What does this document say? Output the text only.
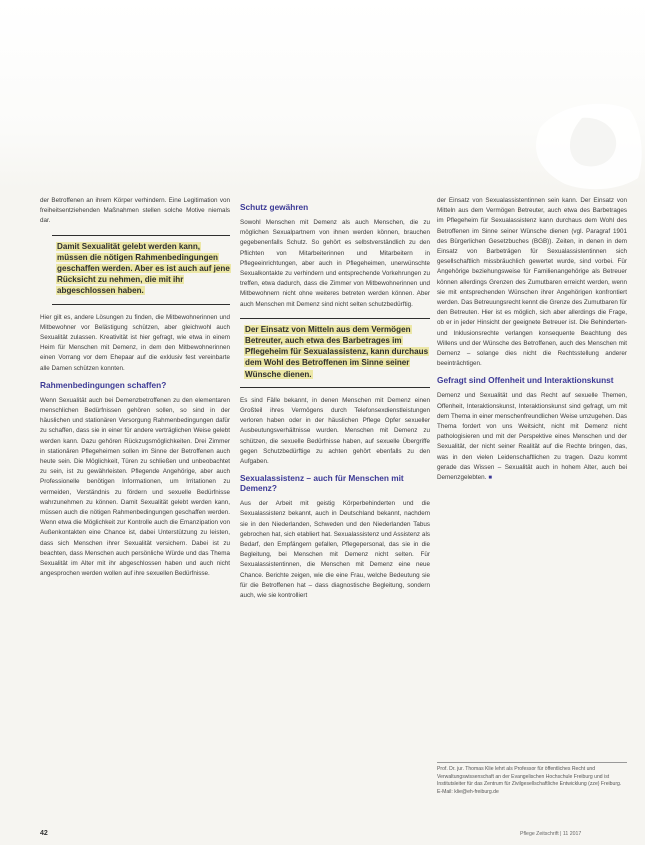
der Betroffenen an ihrem Körper verhindern. Eine Legitimation von freiheitsentziehenden Maßnahmen stellen solche Motive niemals dar.

Damit Sexualität gelebt werden kann, müssen die nötigen Rahmenbedingungen geschaffen werden. Aber es ist auch auf jene Rücksicht zu nehmen, die mit ihr abgeschlossen haben.

Hier gilt es, andere Lösungen zu finden, die Mitbewohnerinnen und Mitbewohner vor Belästigung schützen, aber gleichwohl auch Sexualität zulassen. Kreativität ist hier gefragt, wie etwa in einem Heim für Menschen mit Demenz, in dem den Mitbewohnerinnen einen Vorrang vor dem Ehepaar auf die exklusiv fest vereinbarte alle Damen schützen konnten.

Rahmenbedingungen schaffen?

Wenn Sexualität auch bei Demenzbetroffenen zu den elementaren menschlichen Bedürfnissen gehören sollen, so sind in der häuslichen und stationären Versorgung Rahmenbedingungen dafür zu schaffen, dass sie in einer für andere verträglichen Weise gelebt werden kann. Dazu gehören Rückzugsmöglichkeiten. Drei Zimmer in stationären Pflegeheimen sollen im Sinne der Betroffenen auch heute sein. Die Möglichkeit, Türen zu schließen und unbeobachtet zu sein, ist zu gewährleisten. Pflegende Angehörige, aber auch Professionelle benötigen Informationen, um Irritationen zu vermeiden, Verständnis zu fördern und sexuelle Bedürfnisse wahrzunehmen zu können. Damit Sexualität gelebt werden kann, müssen auch die nötigen Rahmenbedingungen geschaffen werden. Wenn etwa die Möglichkeit zur Kontrolle auch die Emanzipation von Außenkontakten eine Chance ist, dabei Unterstützung zu leisten, dass sich Menschen ihrer Sexualität versichern. Dabei ist zu beachten, dass Menschen auch persönliche Würde und das Thema Sexualität im Alter mit ihr abgeschlossen haben und auch nicht angesprochen werden wollen auf ihre sexuellen Bedürfnisse.

Schutz gewähren

Sowohl Menschen mit Demenz als auch Menschen, die zu möglichen Sexualpartnern von ihnen werden können, brauchen gegebenenfalls Schutz. So gehört es selbstverständlich zu den Pflichten von Mitarbeiterinnen und Mitarbeitern in Pflegeeinrichtungen, aber auch in Pflegeheimen, unerwünschte Sexualkontakte zu verhindern und entsprechende Vorkehrungen zu treffen, etwa dadurch, dass die Zimmer von Mitbewohnerinnen und Mitbewohnern nicht ohne weiteres betreten werden können. Aber auch Menschen mit Demenz sind nicht selten schutzbedürftig.

Der Einsatz von Mitteln aus dem Vermögen Betreuter, auch etwa des Barbetrages im Pflegeheim für Sexualassistenz, kann durchaus dem Wohl des Betroffenen im Sinne seiner Wünsche dienen.

Es sind Fälle bekannt, in denen Menschen mit Demenz einen Großteil ihres Vermögens durch Telefonsexdienstleistungen verloren haben oder in der häuslichen Pflege Opfer sexueller Ausbeutungsverhältnisse wurden. Menschen mit Demenz zu schützen, die sexuelle Bedürfnisse haben, auf sexuelle Übergriffe gegen Schutzbedürftige zu achten gehört ebenfalls zu den Aufgaben.

Sexualassistenz – auch für Menschen mit Demenz?

Aus der Arbeit mit geistig Körperbehinderten und die Sexualassistenz bekannt, auch in Deutschland bekannt, nachdem sie in den Niederlanden, Schweden und den Niederlanden Tabus gebrochen hat, sich etabliert hat. Sexualassistenz und Assistenz als Bedarf, den Empfängern gefallen, Pflegepersonal, das sie in die Begleitung, bei Menschen mit Demenz nicht selten. Für Sexualassistentinnen, die Menschen mit Demenz eine neue Chance. Berichte zeigen, wie die eine Frau, welche Bedeutung sie für die Betroffenen hat – dass diagnostische Begleitung, sondern auch, wie sie kontrolliert

der Einsatz von Sexualassistentinnen sein kann. Der Einsatz von Mitteln aus dem Vermögen Betreuter, auch etwa des Barbetrages im Pflegeheim für Sexualassistenz kann durchaus dem Wohl des Betroffenen im Sinne seiner Wünsche dienen (vgl. Paragraf 1901 des Bürgerlichen Gesetzbuches (BGB)). Zeiten, in denen in dem Einsatz von Barbeträgen für Sexualassistentinnen sich gesellschaftlich missbräuchlich gewertet wurde, sind vorbei. Für Angehörige beziehungsweise für Familienangehörige als Betreuer können allerdings Grenzen des Zumutbaren erreicht werden, wenn sie mit entsprechenden Wünschen ihrer Angehörigen konfrontiert werden. Das Betreuungsrecht kennt die Grenze des Zumutbaren für den Betreuten. Hier ist es möglich, sich aber allerdings die Frage, ob er in jeder Hinsicht der geeignete Betreuer ist. Die Behinderten- und Inklusionsrechte verlangen konsequente Beachtung des Willens und der Wünsche des Betroffenen, auch des Menschen mit Demenz – solange dies nicht die Rechtsstellung anderer beeinträchtigen.

Gefragt sind Offenheit und Interaktionskunst

Demenz und Sexualität und das Recht auf sexuelle Themen, Offenheit, Interaktionskunst, Interaktionskunst sind gefragt, um mit dem Thema in einer menschenfreundlichen Weise umzugehen. Das Thema fordert von uns Weitsicht, nicht mit Demenz nicht pathologisieren und mit der Perspektive eines Menschen und der Sexualität, der nicht seiner Realität auf die Rechte bringen, das, was in den vielen Leidenschaftlichen zu tragen. Dazu kommt gerade das Wissen – Sexualität auch in hohem Alter, auch bei Demenzgelebten. ■

Prof. Dr. jur. Thomas Klie lehrt als Professor für öffentliches Recht und Verwaltungswissenschaft an der Evangelischen Hochschule Freiburg und ist Institutsleiter für das Zentrum für Zivilgesellschaftliche Entwicklung (zze) Freiburg. E-Mail: klie@eh-freiburg.de
42	Pflege Zeitschrift | 11 2017
